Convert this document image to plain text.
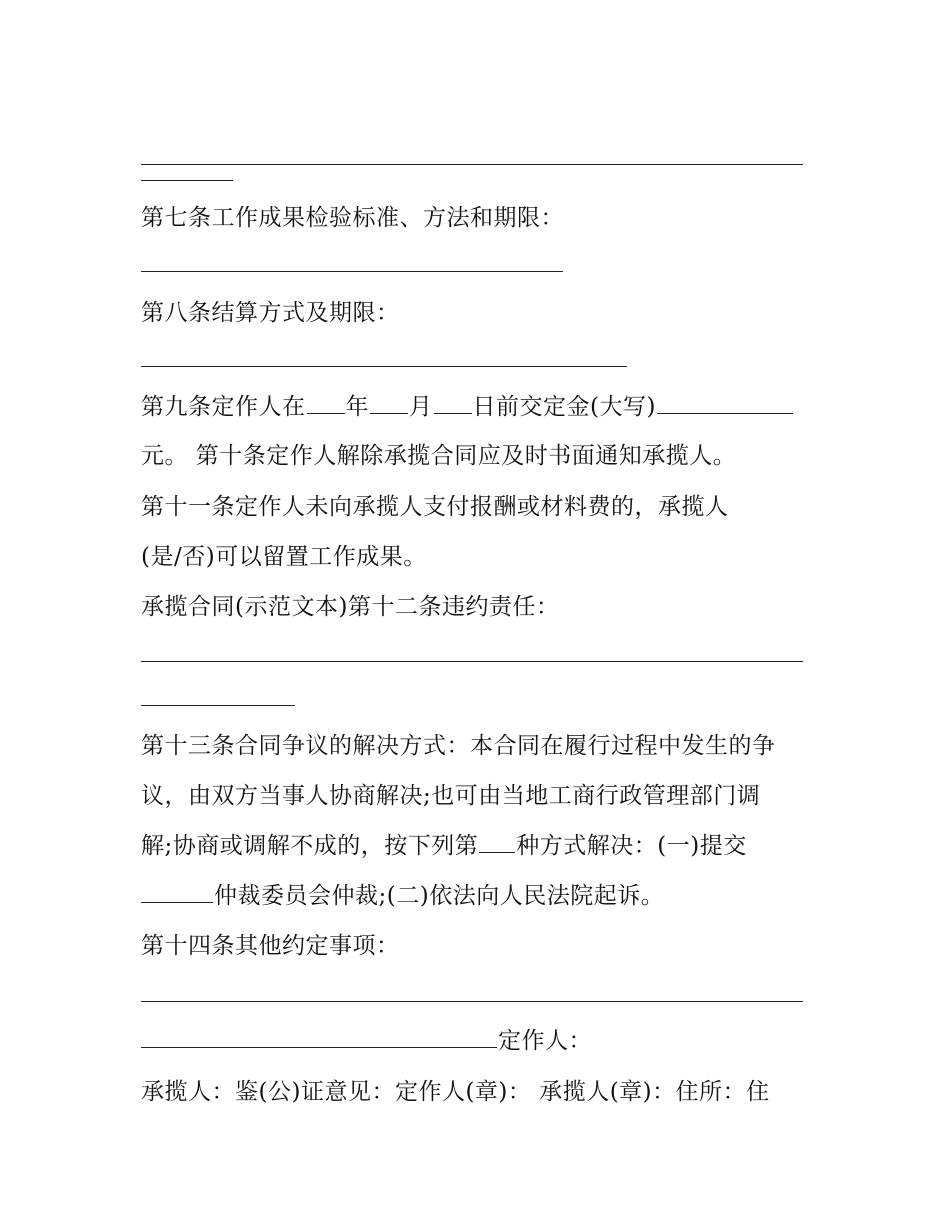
第七条工作成果检验标准、方法和期限：
第八条结算方式及期限：
第九条定作人在 年 月 日前交定金(大写)
元。 第十条定作人解除承揽合同应及时书面通知承揽人。
第十一条定作人未向承揽人支付报酬或材料费的，承揽人
(是/否)可以留置工作成果。
承揽合同(示范文本)第十二条违约责任：
第十三条合同争议的解决方式：本合同在履行过程中发生的争
议，由双方当事人协商解决;也可由当地工商行政管理部门调
解;协商或调解不成的，按下列第 种方式解决：(一)提交
仲裁委员会仲裁;(二)依法向人民法院起诉。
第十四条其他约定事项：
定作人：
承揽人：鉴(公)证意见：定作人(章)： 承揽人(章)：住所：住
